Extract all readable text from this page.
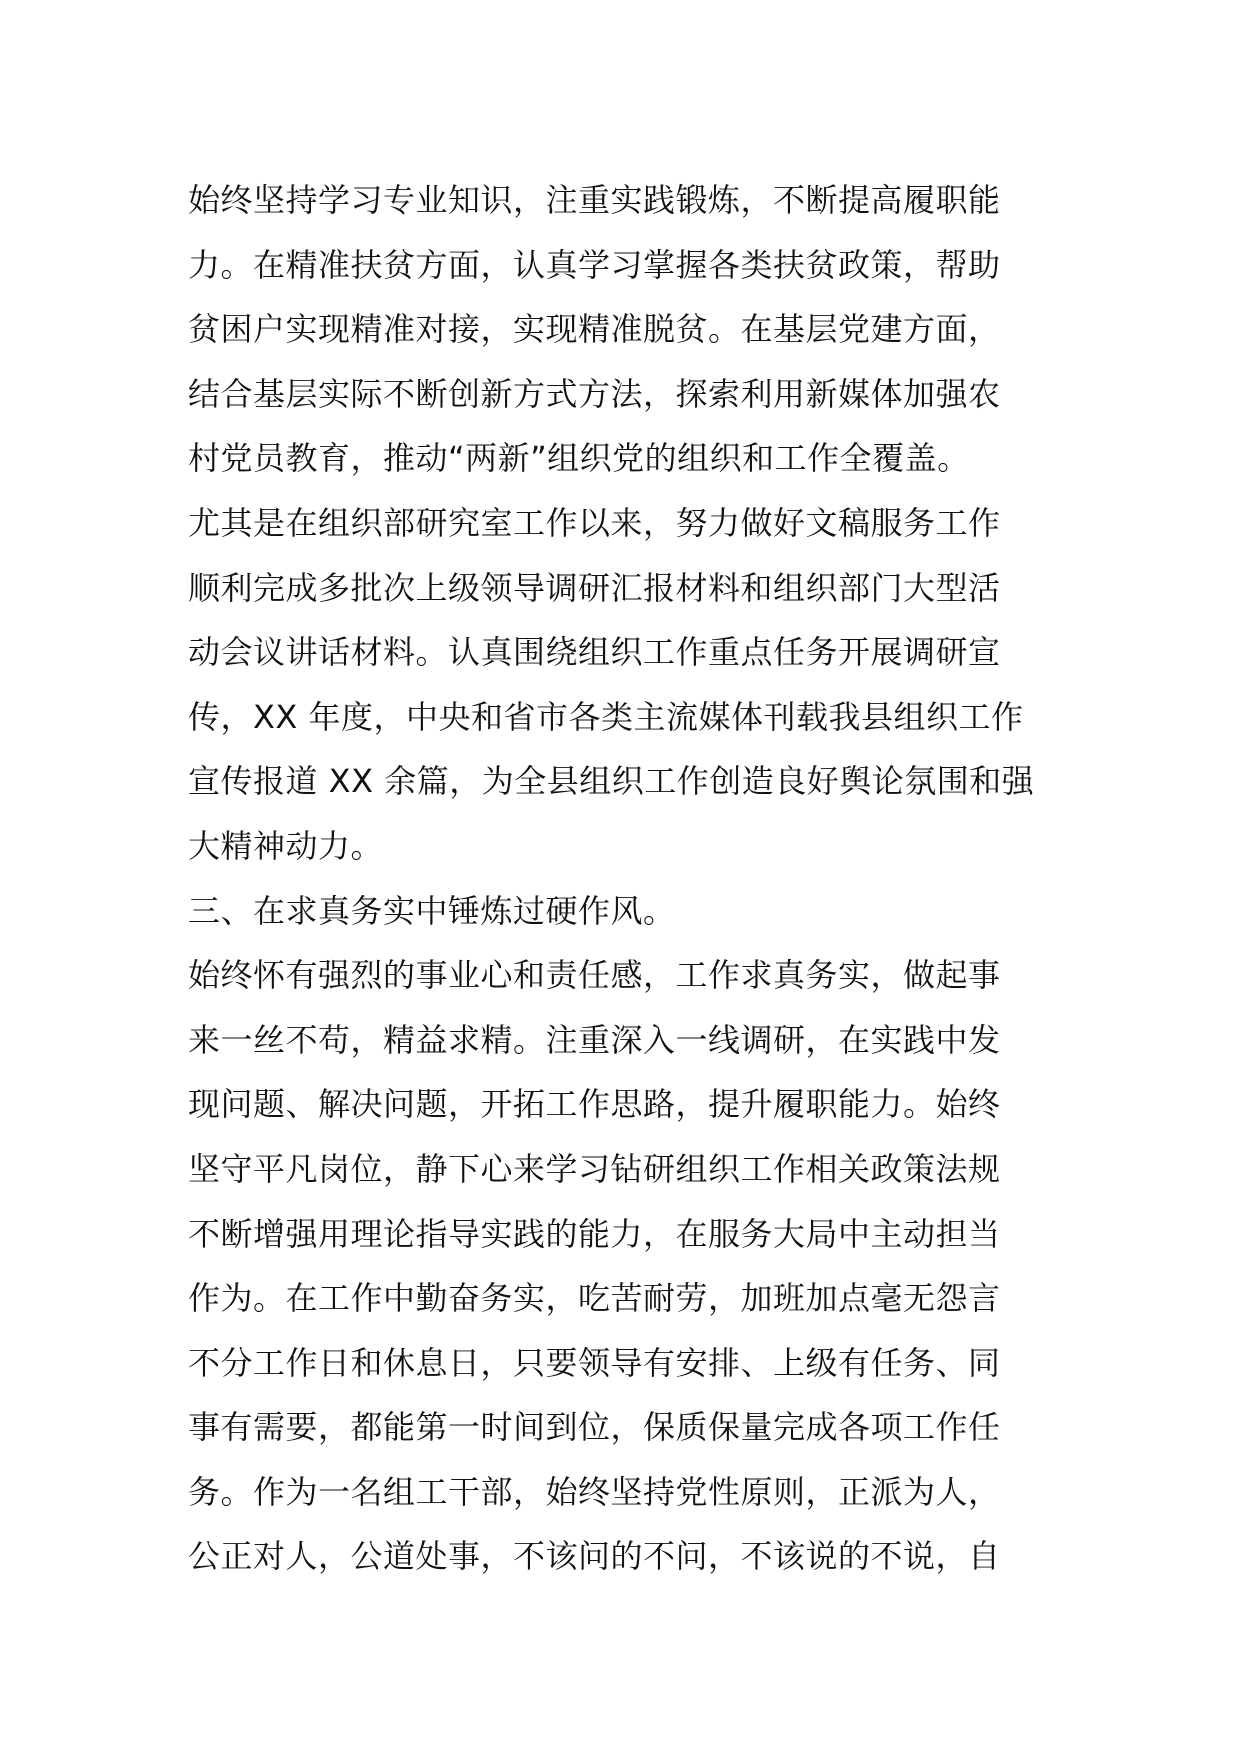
始终坚持学习专业知识，注重实践锻炼，不断提高履职能
力。在精准扶贫方面，认真学习掌握各类扶贫政策，帮助
贫困户实现精准对接，实现精准脱贫。在基层党建方面，
结合基层实际不断创新方式方法，探索利用新媒体加强农
村党员教育，推动“两新”组织党的组织和工作全覆盖。
尤其是在组织部研究室工作以来，努力做好文稿服务工作
顺利完成多批次上级领导调研汇报材料和组织部门大型活
动会议讲话材料。认真围绕组织工作重点任务开展调研宣
传，XX 年度，中央和省市各类主流媒体刊载我县组织工作
宣传报道 XX 余篇，为全县组织工作创造良好舆论氛围和强
大精神动力。
三、在求真务实中锤炼过硬作风。
始终怀有强烈的事业心和责任感，工作求真务实，做起事
来一丝不苟，精益求精。注重深入一线调研，在实践中发
现问题、解决问题，开拓工作思路，提升履职能力。始终
坚守平凡岗位，静下心来学习钻研组织工作相关政策法规
不断增强用理论指导实践的能力，在服务大局中主动担当
作为。在工作中勤奋务实，吃苦耐劳，加班加点毫无怨言
不分工作日和休息日，只要领导有安排、上级有任务、同
事有需要，都能第一时间到位，保质保量完成各项工作任
务。作为一名组工干部，始终坚持党性原则，正派为人，
公正对人，公道处事，不该问的不问，不该说的不说，自
